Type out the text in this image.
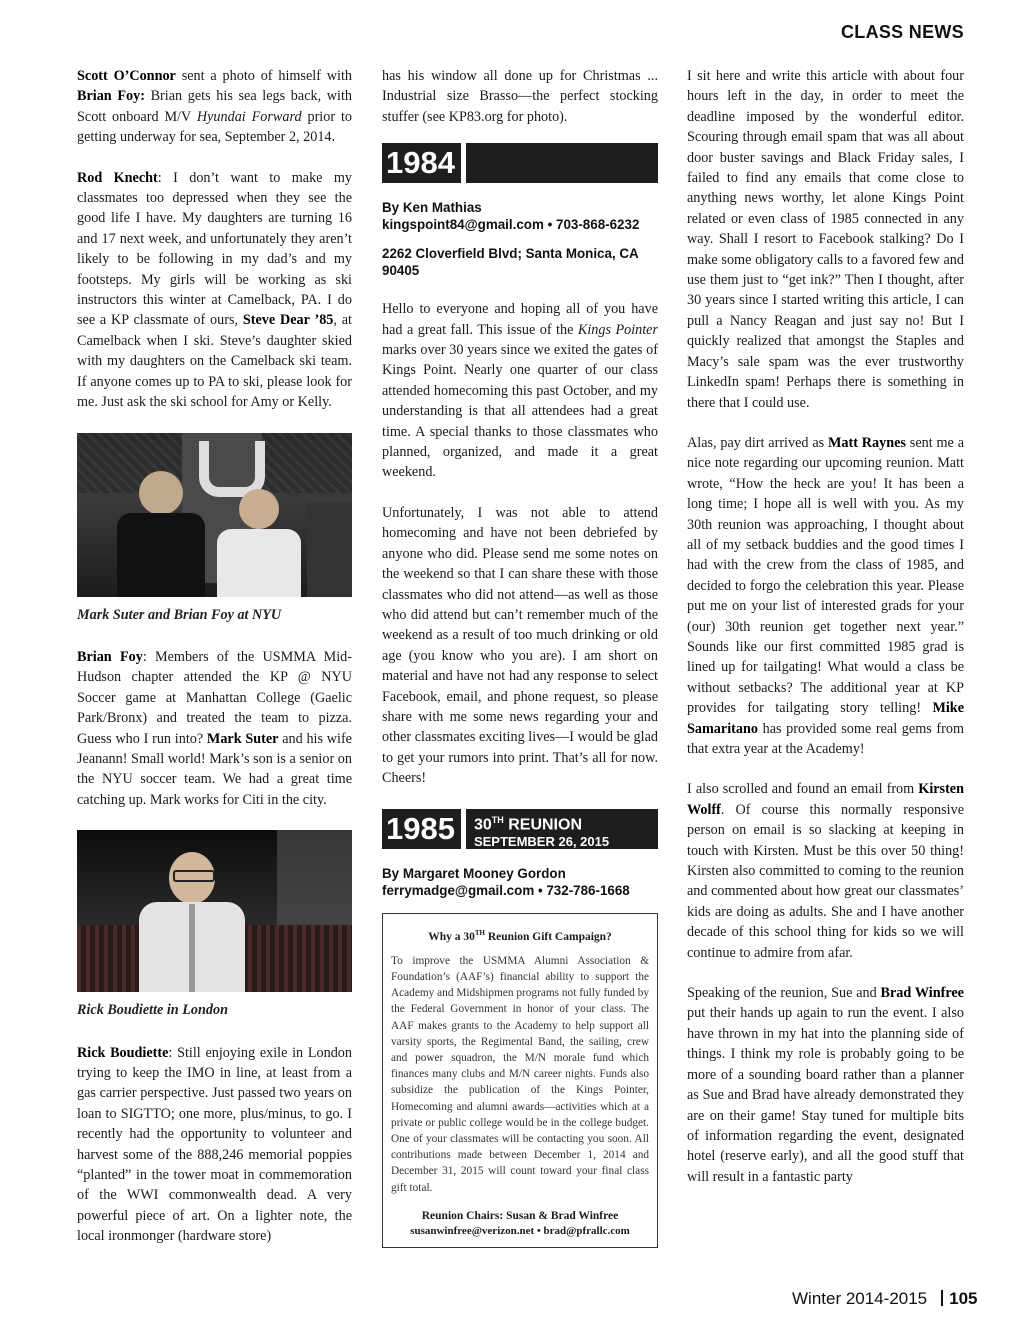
CLASS NEWS

Scott O’Connor sent a photo of himself with Brian Foy: Brian gets his sea legs back, with Scott onboard M/V Hyundai Forward prior to getting underway for sea, September 2, 2014.

Rod Knecht: I don’t want to make my classmates too depressed when they see the good life I have. My daughters are turning 16 and 17 next week, and unfortunately they aren’t likely to be following in my dad’s and my footsteps. My girls will be working as ski instructors this winter at Camelback, PA. I do see a KP classmate of ours, Steve Dear ’85, at Camelback when I ski. Steve’s daughter skied with my daughters on the Camelback ski team. If anyone comes up to PA to ski, please look for me. Just ask the ski school for Amy or Kelly.

Mark Suter and Brian Foy at NYU

Brian Foy: Members of the USMMA Mid-Hudson chapter attended the KP @ NYU Soccer game at Manhattan College (Gaelic Park/Bronx) and treated the team to pizza. Guess who I run into? Mark Suter and his wife Jeanann! Small world! Mark’s son is a senior on the NYU soccer team. We had a great time catching up. Mark works for Citi in the city.

Rick Boudiette in London

Rick Boudiette: Still enjoying exile in London trying to keep the IMO in line, at least from a gas carrier perspective. Just passed two years on loan to SIGTTO; one more, plus/minus, to go. I recently had the opportunity to volunteer and harvest some of the 888,246 memorial poppies “planted” in the tower moat in commemoration of the WWI commonwealth dead. A very powerful piece of art. On a lighter note, the local ironmonger (hardware store)

has his window all done up for Christmas ... Industrial size Brasso—the perfect stocking stuffer (see KP83.org for photo).

1984
By Ken Mathias
kingspoint84@gmail.com • 703-868-6232
2262 Cloverfield Blvd; Santa Monica, CA 90405

Hello to everyone and hoping all of you have had a great fall. This issue of the Kings Pointer marks over 30 years since we exited the gates of Kings Point. Nearly one quarter of our class attended homecoming this past October, and my understanding is that all attendees had a great time. A special thanks to those classmates who planned, organized, and made it a great weekend.

Unfortunately, I was not able to attend homecoming and have not been debriefed by anyone who did. Please send me some notes on the weekend so that I can share these with those classmates who did not attend—as well as those who did attend but can’t remember much of the weekend as a result of too much drinking or old age (you know who you are). I am short on material and have not had any response to select Facebook, email, and phone request, so please share with me some news regarding your and other classmates exciting lives—I would be glad to get your rumors into print. That’s all for now. Cheers!

1985	30TH REUNION
SEPTEMBER 26, 2015
By Margaret Mooney Gordon
ferrymadge@gmail.com • 732-786-1668
Why a 30TH Reunion Gift Campaign?
To improve the USMMA Alumni Association & Foundation’s (AAF’s) financial ability to support the Academy and Midshipmen programs not fully funded by the Federal Government in honor of your class. The AAF makes grants to the Academy to help support all varsity sports, the Regimental Band, the sailing, crew and power squadron, the M/N morale fund which finances many clubs and M/N career nights. Funds also subsidize the publication of the Kings Pointer, Homecoming and alumni awards—activities which at a private or public college would be in the college budget. One of your classmates will be contacting you soon. All contributions made between December 1, 2014 and December 31, 2015 will count toward your final class gift total.
Reunion Chairs: Susan & Brad Winfree
susanwinfree@verizon.net • brad@pfrallc.com

I sit here and write this article with about four hours left in the day, in order to meet the deadline imposed by the wonderful editor. Scouring through email spam that was all about door buster savings and Black Friday sales, I failed to find any emails that come close to anything news worthy, let alone Kings Point related or even class of 1985 connected in any way. Shall I resort to Facebook stalking? Do I make some obligatory calls to a favored few and use them just to “get ink?” Then I thought, after 30 years since I started writing this article, I can pull a Nancy Reagan and just say no! But I quickly realized that amongst the Staples and Macy’s sale spam was the ever trustworthy LinkedIn spam! Perhaps there is something in there that I could use.

Alas, pay dirt arrived as Matt Raynes sent me a nice note regarding our upcoming reunion. Matt wrote, “How the heck are you! It has been a long time; I hope all is well with you. As my 30th reunion was approaching, I thought about all of my setback buddies and the good times I had with the crew from the class of 1985, and decided to forgo the celebration this year. Please put me on your list of interested grads for your (our) 30th reunion get together next year.” Sounds like our first committed 1985 grad is lined up for tailgating! What would a class be without setbacks? The additional year at KP provides for tailgating story telling! Mike Samaritano has provided some real gems from that extra year at the Academy!

I also scrolled and found an email from Kirsten Wolff. Of course this normally responsive person on email is so slacking at keeping in touch with Kirsten. Must be this over 50 thing! Kirsten also committed to coming to the reunion and commented about how great our classmates’ kids are doing as adults. She and I have another decade of this school thing for kids so we will continue to admire from afar.

Speaking of the reunion, Sue and Brad Winfree put their hands up again to run the event. I also have thrown in my hat into the planning side of things. I think my role is probably going to be more of a sounding board rather than a planner as Sue and Brad have already demonstrated they are on their game! Stay tuned for multiple bits of information regarding the event, designated hotel (reserve early), and all the good stuff that will result in a fantastic party

Winter 2014-2015 105
